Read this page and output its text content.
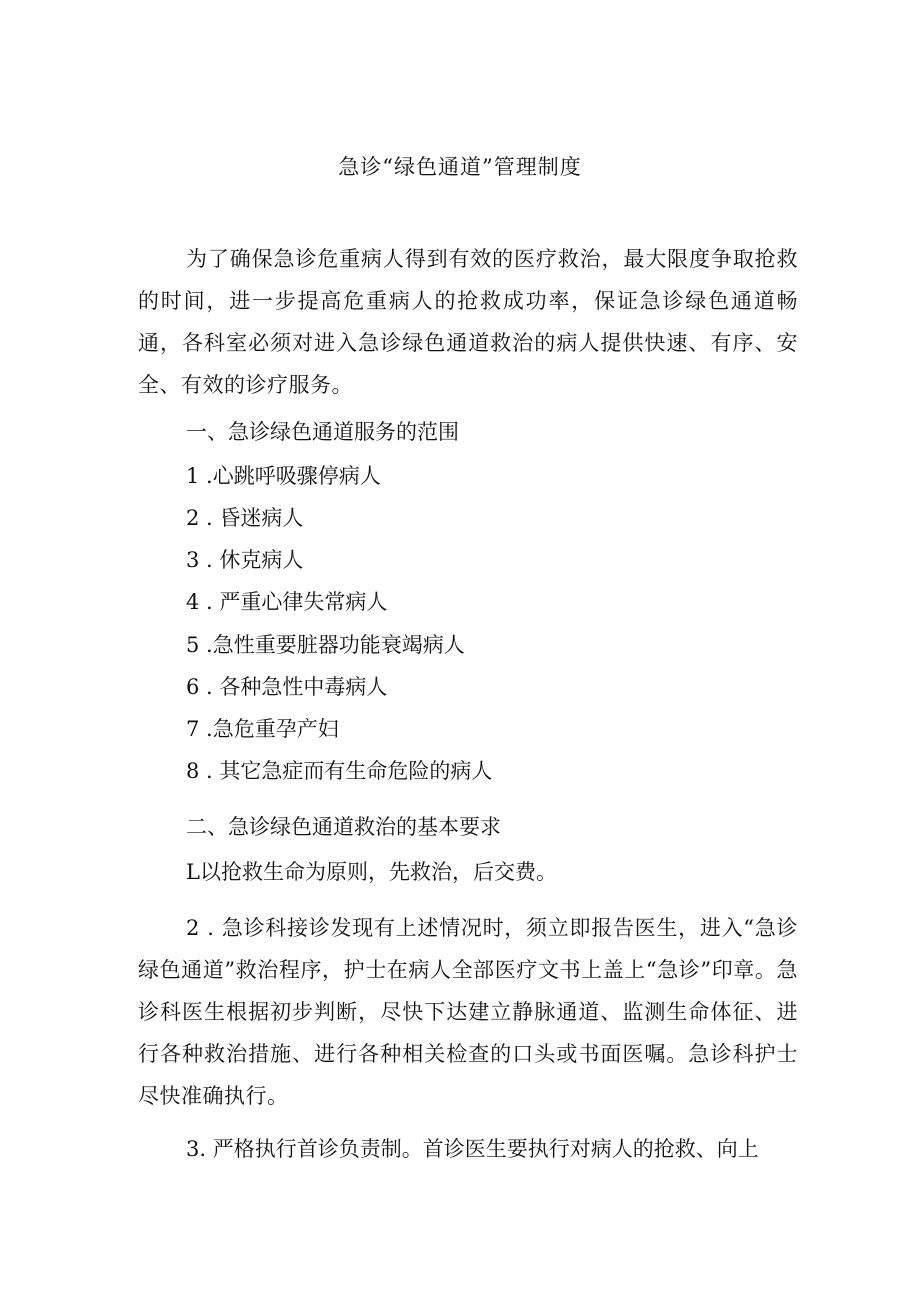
急诊“绿色通道”管理制度

为了确保急诊危重病人得到有效的医疗救治，最大限度争取抢救的时间，进一步提高危重病人的抢救成功率，保证急诊绿色通道畅通，各科室必须对进入急诊绿色通道救治的病人提供快速、有序、安全、有效的诊疗服务。

一、急诊绿色通道服务的范围
1 .心跳呼吸骤停病人
2 . 昏迷病人
3 . 休克病人
4 . 严重心律失常病人
5 .急性重要脏器功能衰竭病人
6 . 各种急性中毒病人
7 .急危重孕产妇
8 . 其它急症而有生命危险的病人
二、急诊绿色通道救治的基本要求
L以抢救生命为原则，先救治，后交费。

2 . 急诊科接诊发现有上述情况时，须立即报告医生，进入“急诊绿色通道”救治程序，护士在病人全部医疗文书上盖上“急诊”印章。急诊科医生根据初步判断，尽快下达建立静脉通道、监测生命体征、进行各种救治措施、进行各种相关检查的口头或书面医嘱。急诊科护士尽快准确执行。

3. 严格执行首诊负责制。首诊医生要执行对病人的抢救、向上
